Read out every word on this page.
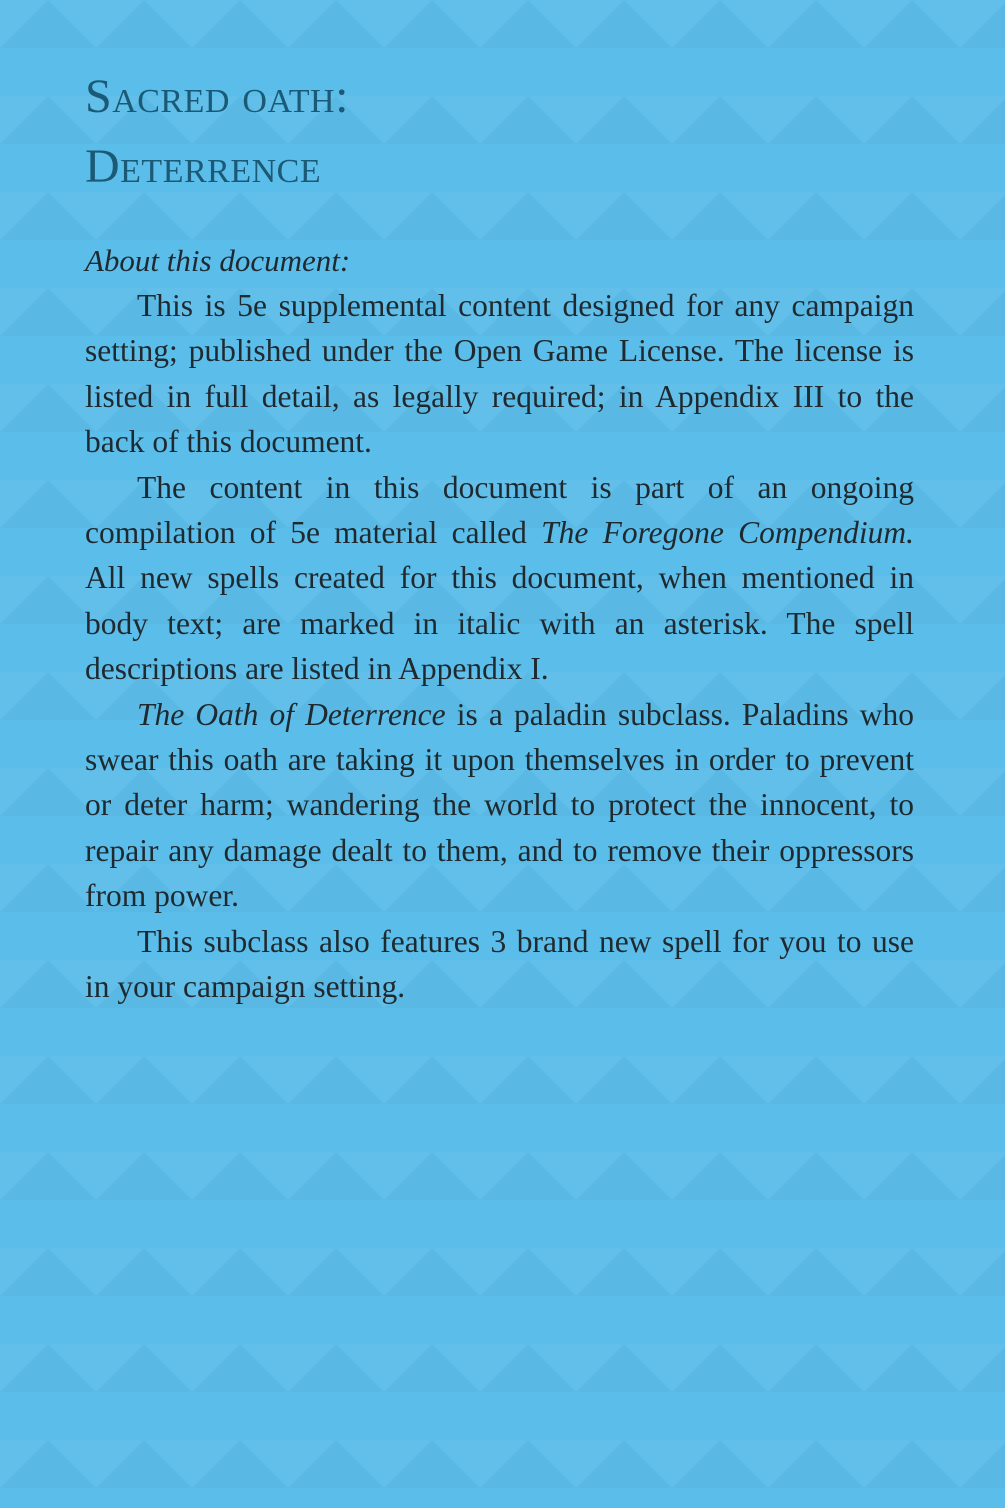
Sacred oath:
Deterrence

About this document:

This is 5e supplemental content designed for any campaign setting; published under the Open Game License. The license is listed in full detail, as legally required; in Appendix III to the back of this document.

The content in this document is part of an ongoing compilation of 5e material called The Foregone Compendium. All new spells created for this document, when mentioned in body text; are marked in italic with an asterisk. The spell descriptions are listed in Appendix I.

The Oath of Deterrence is a paladin subclass. Paladins who swear this oath are taking it upon themselves in order to prevent or deter harm; wandering the world to protect the innocent, to repair any damage dealt to them, and to remove their oppressors from power.

This subclass also features 3 brand new spell for you to use in your campaign setting.
